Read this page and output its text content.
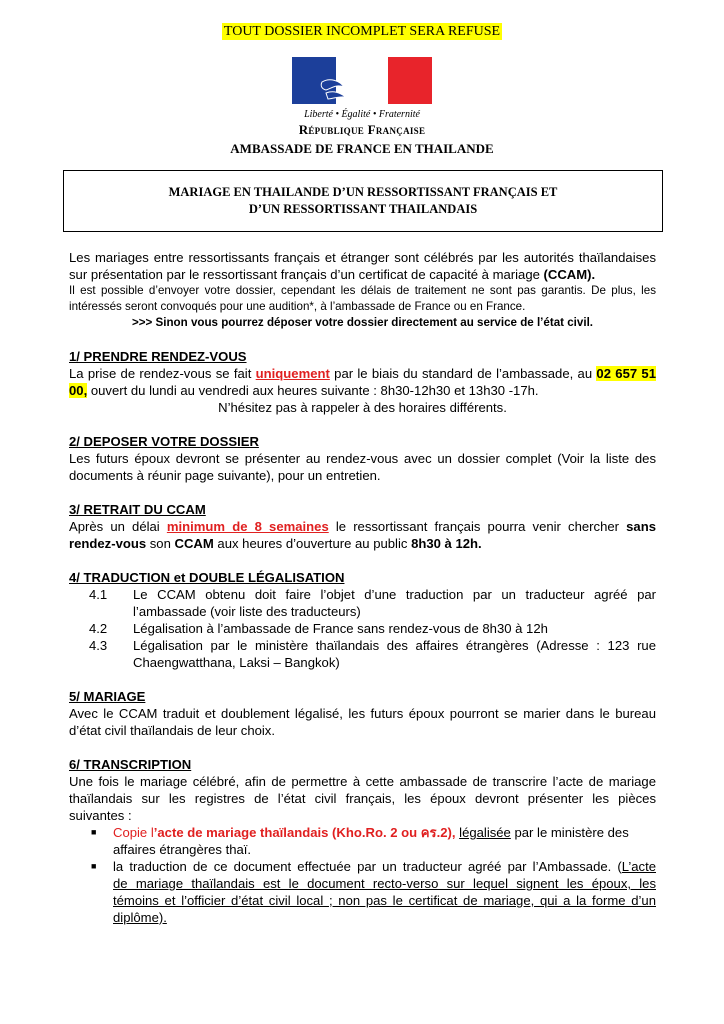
TOUT DOSSIER INCOMPLET SERA REFUSE
Liberté • Égalité • Fraternité
République Française
AMBASSADE DE FRANCE EN THAILANDE
MARIAGE EN THAILANDE D’UN RESSORTISSANT FRANÇAIS ET
D’UN RESSORTISSANT THAILANDAIS

Les mariages entre ressortissants français et étranger sont célébrés par les autorités thaïlandaises

sur présentation par le ressortissant français d’un certificat de capacité à mariage (CCAM).

Il est possible d’envoyer votre dossier, cependant les délais de traitement ne sont pas garantis. De plus, les

intéressés seront convoqués pour une audition*, à l’ambassade de France ou en France.

>>> Sinon vous pourrez déposer votre dossier directement au service de l’état civil.

1/ PRENDRE RENDEZ-VOUS

La prise de rendez-vous se fait uniquement par le biais du standard de l’ambassade, au 02 657 51

00, ouvert du lundi au vendredi aux heures suivante : 8h30-12h30 et 13h30 -17h.

N’hésitez pas à rappeler à des horaires différents.

2/ DEPOSER VOTRE DOSSIER

Les futurs époux devront se présenter au rendez-vous avec un dossier complet (Voir la liste des

documents à réunir page suivante), pour un entretien.

3/ RETRAIT DU CCAM

Après un délai minimum de 8 semaines le ressortissant français pourra venir chercher sans

rendez-vous son CCAM aux heures d’ouverture au public 8h30 à 12h.

4/ TRADUCTION et DOUBLE LÉGALISATION

4.1	Le CCAM obtenu doit faire l’objet d’une traduction par un traducteur agréé par
l’ambassade (voir liste des traducteurs)
4.2	Légalisation à l’ambassade de France sans rendez-vous de 8h30 à 12h
4.3	Légalisation par le ministère thaïlandais des affaires étrangères (Adresse : 123 rue
Chaengwatthana, Laksi – Bangkok)

5/ MARIAGE

Avec le CCAM traduit et doublement légalisé, les futurs époux pourront se marier dans le bureau

d’état civil thaïlandais de leur choix.

6/ TRANSCRIPTION

Une fois le mariage célébré, afin de permettre à cette ambassade de transcrire l’acte de mariage

thaïlandais sur les registres de l’état civil français, les époux devront présenter les pièces

suivantes :

■	Copie l’acte de mariage thaïlandais (Kho.Ro. 2 ou คร.2), légalisée par le ministère des
affaires étrangères thaï.
■	la traduction de ce document effectuée par un traducteur agréé par l’Ambassade. (L’acte
de mariage thaïlandais est le document recto-verso sur lequel signent les époux, les
témoins et l’officier d’état civil local ; non pas le certificat de mariage, qui a la forme d’un
diplôme).
